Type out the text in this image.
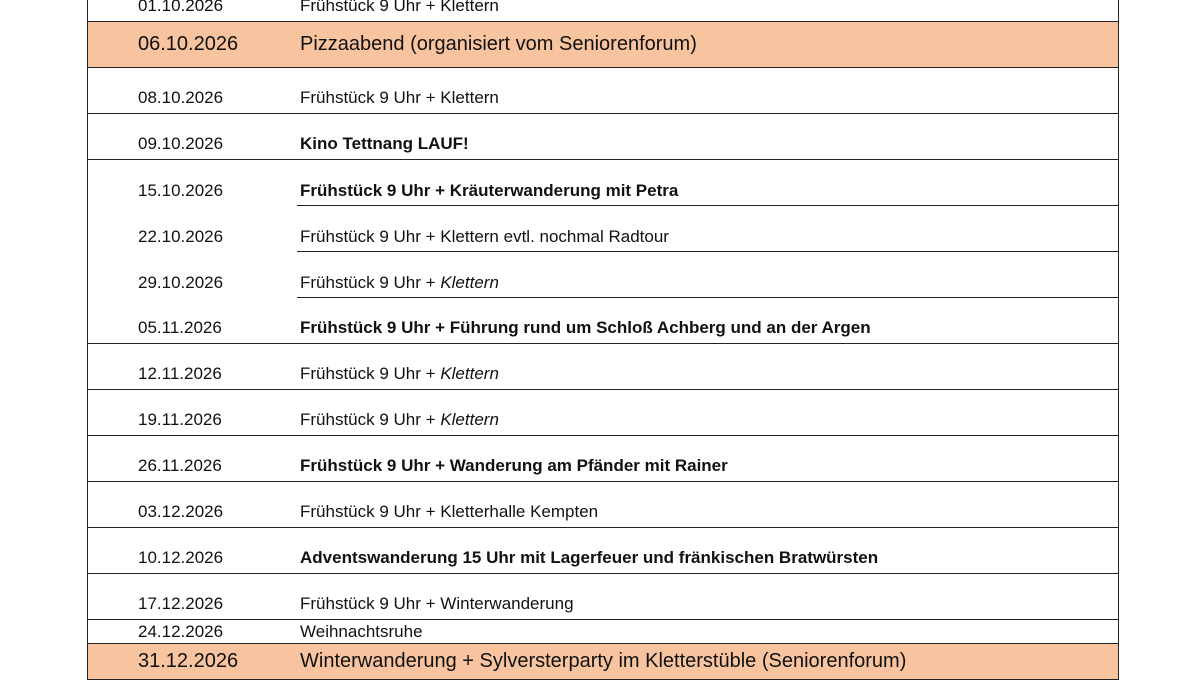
01.10.2026	Frühstück 9 Uhr + Klettern
06.10.2026	Pizzaabend (organisiert vom Seniorenforum)
08.10.2026	Frühstück 9 Uhr + Klettern
09.10.2026	Kino Tettnang LAUF!
15.10.2026	Frühstück 9 Uhr + Kräuterwanderung mit Petra
22.10.2026	Frühstück 9 Uhr + Klettern evtl. nochmal Radtour
29.10.2026	Frühstück 9 Uhr + Klettern
05.11.2026	Frühstück 9 Uhr + Führung rund um Schloß Achberg und an der Argen
12.11.2026	Frühstück 9 Uhr + Klettern
19.11.2026	Frühstück 9 Uhr + Klettern
26.11.2026	Frühstück 9 Uhr + Wanderung am Pfänder mit Rainer
03.12.2026	Frühstück 9 Uhr + Kletterhalle Kempten
10.12.2026	Adventswanderung 15 Uhr mit Lagerfeuer und fränkischen Bratwürsten
17.12.2026	Frühstück 9 Uhr + Winterwanderung
24.12.2026	Weihnachtsruhe
31.12.2026	Winterwanderung + Sylversterparty im Kletterstüble (Seniorenforum)
